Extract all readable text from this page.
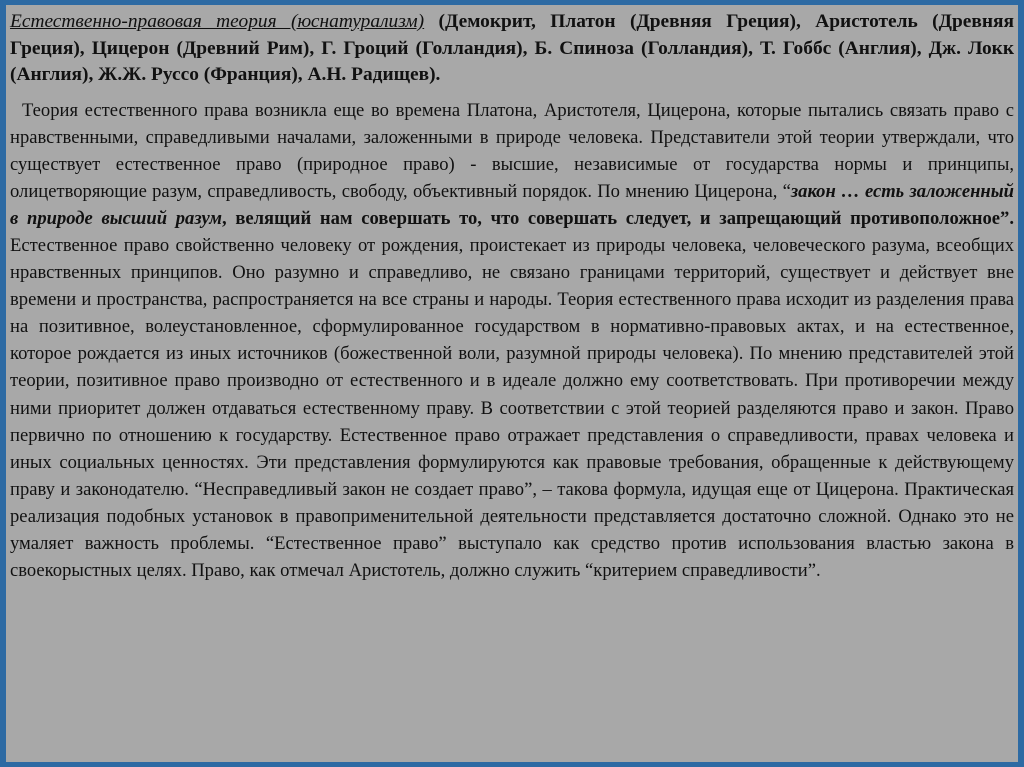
Естественно-правовая теория (юснатурализм) (Демокрит, Платон (Древняя Греция), Аристотель (Древняя Греция), Цицерон (Древний Рим), Г. Гроций (Голландия), Б. Спиноза (Голландия), Т. Гоббс (Англия), Дж. Локк (Англия), Ж.Ж. Руссо (Франция), А.Н. Радищев).

Теория естественного права возникла еще во времена Платона, Аристотеля, Цицерона, которые пытались связать право с нравственными, справедливыми началами, заложенными в природе человека. Представители этой теории утверждали, что существует естественное право (природное право) - высшие, независимые от государства нормы и принципы, олицетворяющие разум, справедливость, свободу, объективный порядок. По мнению Цицерона, “закон … есть заложенный в природе высший разум, велящий нам совершать то, что совершать следует, и запрещающий противоположное”. Естественное право свойственно человеку от рождения, проистекает из природы человека, человеческого разума, всеобщих нравственных принципов. Оно разумно и справедливо, не связано границами территорий, существует и действует вне времени и пространства, распространяется на все страны и народы. Теория естественного права исходит из разделения права на позитивное, волеустановленное, сформулированное государством в нормативно-правовых актах, и на естественное, которое рождается из иных источников (божественной воли, разумной природы человека). По мнению представителей этой теории, позитивное право производно от естественного и в идеале должно ему соответствовать. При противоречии между ними приоритет должен отдаваться естественному праву. В соответствии с этой теорией разделяются право и закон. Право первично по отношению к государству. Естественное право отражает представления о справедливости, правах человека и иных социальных ценностях. Эти представления формулируются как правовые требования, обращенные к действующему праву и законодателю. “Несправедливый закон не создает право”, – такова формула, идущая еще от Цицерона. Практическая реализация подобных установок в правоприменительной деятельности представляется достаточно сложной. Однако это не умаляет важность проблемы. “Естественное право” выступало как средство против использования властью закона в своекорыстных целях. Право, как отмечал Аристотель, должно служить “критерием справедливости”.
